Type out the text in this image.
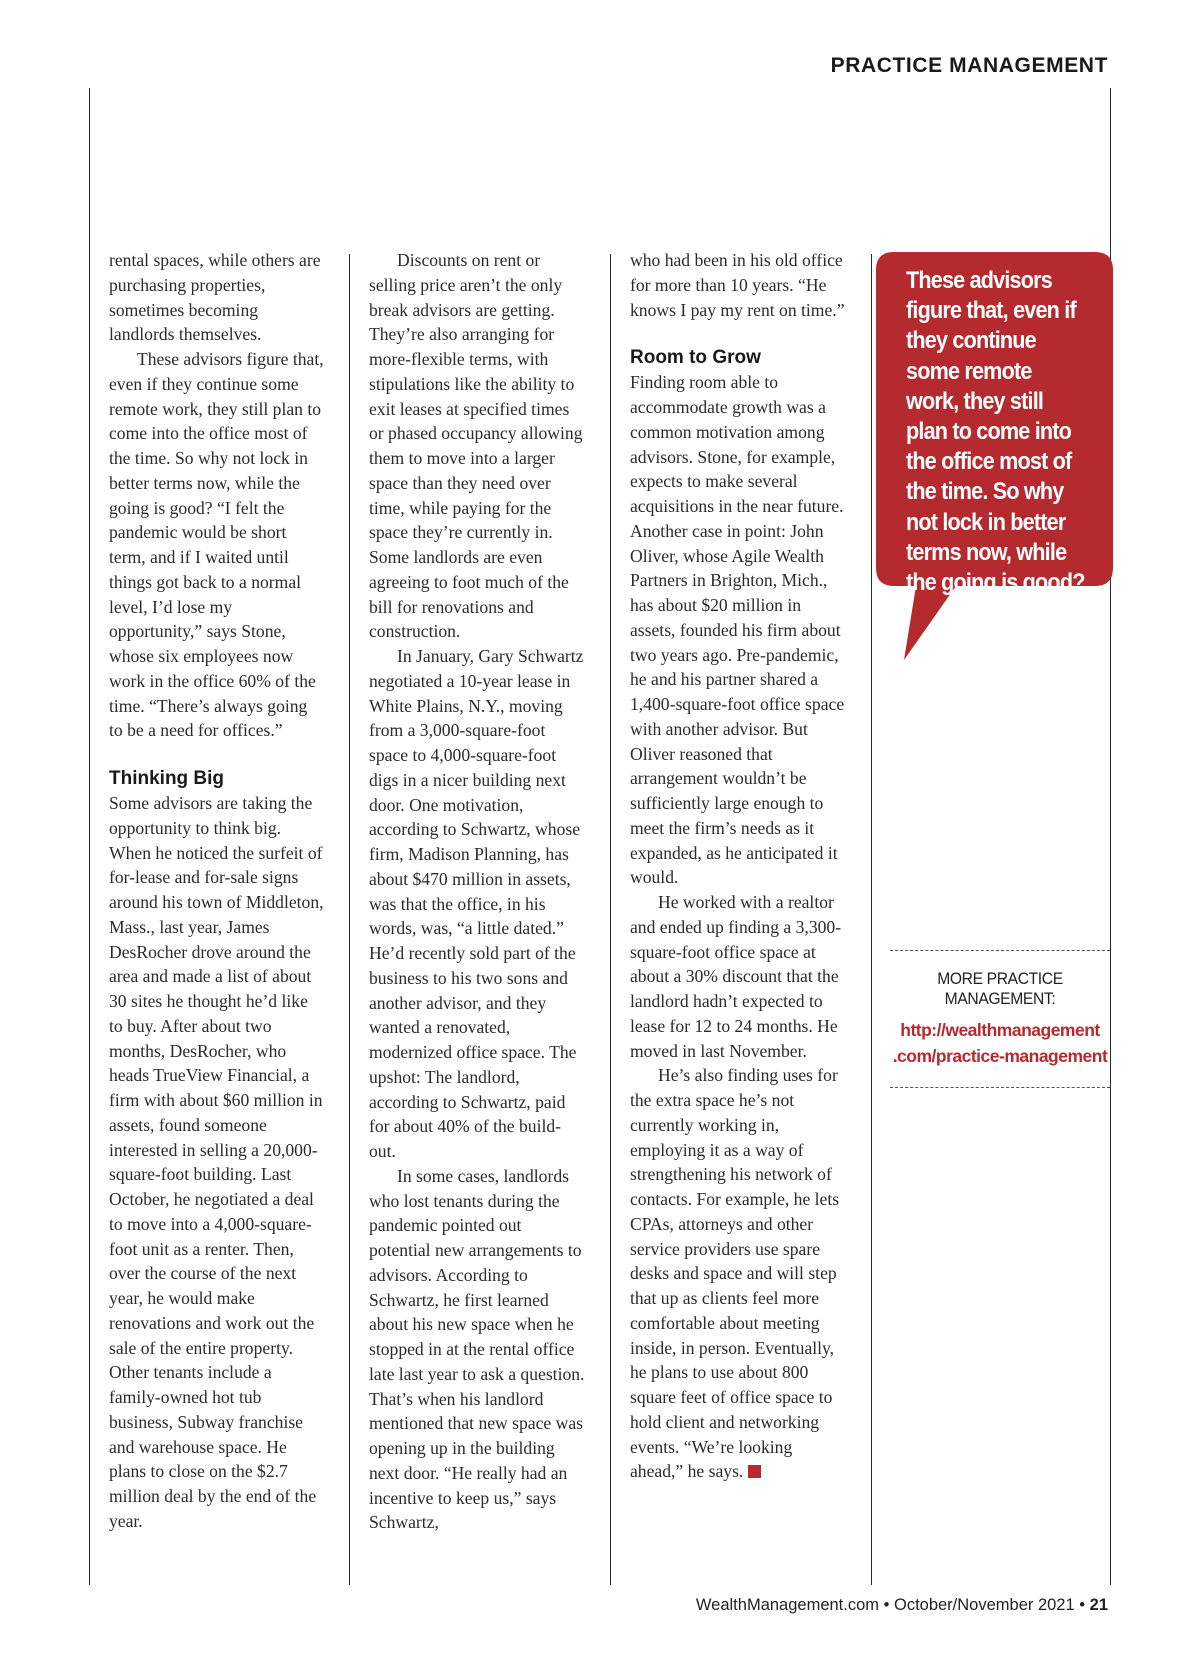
PRACTICE MANAGEMENT

rental spaces, while others are purchasing properties, sometimes becoming landlords themselves.

These advisors figure that, even if they continue some remote work, they still plan to come into the office most of the time. So why not lock in better terms now, while the going is good? “I felt the pandemic would be short term, and if I waited until things got back to a normal level, I’d lose my opportunity,” says Stone, whose six employees now work in the office 60% of the time. “There’s always going to be a need for offices.”

Thinking Big

Some advisors are taking the opportunity to think big. When he noticed the surfeit of for-lease and for-sale signs around his town of Middleton, Mass., last year, James DesRocher drove around the area and made a list of about 30 sites he thought he’d like to buy. After about two months, DesRocher, who heads TrueView Financial, a firm with about $60 million in assets, found someone interested in selling a 20,000-square-foot building. Last October, he negotiated a deal to move into a 4,000-square-foot unit as a renter. Then, over the course of the next year, he would make renovations and work out the sale of the entire property. Other tenants include a family-owned hot tub business, Subway franchise and warehouse space. He plans to close on the $2.7 million deal by the end of the year.

Discounts on rent or selling price aren’t the only break advisors are getting. They’re also arranging for more-flexible terms, with stipulations like the ability to exit leases at specified times or phased occupancy allowing them to move into a larger space than they need over time, while paying for the space they’re currently in. Some landlords are even agreeing to foot much of the bill for renovations and construction.

In January, Gary Schwartz negotiated a 10-year lease in White Plains, N.Y., moving from a 3,000-square-foot space to 4,000-square-foot digs in a nicer building next door. One motivation, according to Schwartz, whose firm, Madison Planning, has about $470 million in assets, was that the office, in his words, was, “a little dated.” He’d recently sold part of the business to his two sons and another advisor, and they wanted a renovated, modernized office space. The upshot: The landlord, according to Schwartz, paid for about 40% of the build-out.

In some cases, landlords who lost tenants during the pandemic pointed out potential new arrangements to advisors. According to Schwartz, he first learned about his new space when he stopped in at the rental office late last year to ask a question. That’s when his landlord mentioned that new space was opening up in the building next door. “He really had an incentive to keep us,” says Schwartz,

who had been in his old office for more than 10 years. “He knows I pay my rent on time.”

Room to Grow

Finding room able to accommodate growth was a common motivation among advisors. Stone, for example, expects to make several acquisitions in the near future. Another case in point: John Oliver, whose Agile Wealth Partners in Brighton, Mich., has about $20 million in assets, founded his firm about two years ago. Pre-pandemic, he and his partner shared a 1,400-square-foot office space with another advisor. But Oliver reasoned that arrangement wouldn’t be sufficiently large enough to meet the firm’s needs as it expanded, as he anticipated it would.

He worked with a realtor and ended up finding a 3,300-square-foot office space at about a 30% discount that the landlord hadn’t expected to lease for 12 to 24 months. He moved in last November.

He’s also finding uses for the extra space he’s not currently working in, employing it as a way of strengthening his network of contacts. For example, he lets CPAs, attorneys and other service providers use spare desks and space and will step that up as clients feel more comfortable about meeting inside, in person. Eventually, he plans to use about 800 square feet of office space to hold client and networking events. “We’re looking ahead,” he says.

These advisors figure that, even if they continue some remote work, they still plan to come into the office most of the time. So why not lock in better terms now, while the going is good?
MORE PRACTICE MANAGEMENT:
http://wealthmanagement
.com/practice-management
WealthManagement.com • October/November 2021 • 21
